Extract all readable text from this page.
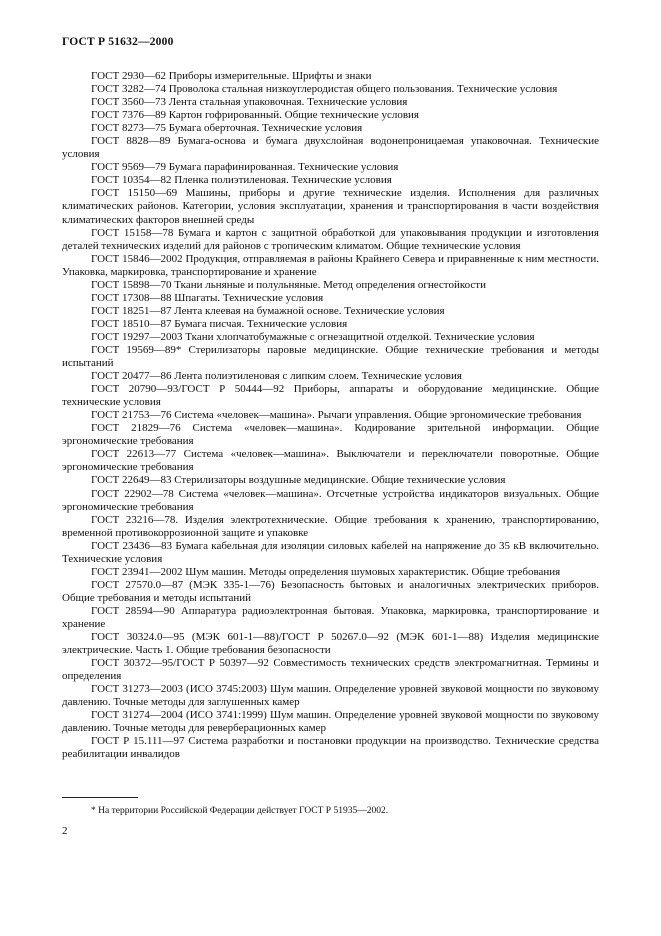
ГОСТ Р 51632—2000

ГОСТ 2930—62 Приборы измерительные. Шрифты и знаки

ГОСТ 3282—74 Проволока стальная низкоуглеродистая общего пользования. Технические условия

ГОСТ 3560—73 Лента стальная упаковочная. Технические условия

ГОСТ 7376—89 Картон гофрированный. Общие технические условия

ГОСТ 8273—75 Бумага оберточная. Технические условия

ГОСТ 8828—89 Бумага-основа и бумага двухслойная водонепроницаемая упаковочная. Технические условия

ГОСТ 9569—79 Бумага парафинированная. Технические условия

ГОСТ 10354—82 Пленка полиэтиленовая. Технические условия

ГОСТ 15150—69 Машины, приборы и другие технические изделия. Исполнения для различных климатических районов. Категории, условия эксплуатации, хранения и транспортирования в части воздействия климатических факторов внешней среды

ГОСТ 15158—78 Бумага и картон с защитной обработкой для упаковывания продукции и изготовления деталей технических изделий для районов с тропическим климатом. Общие технические условия

ГОСТ 15846—2002 Продукция, отправляемая в районы Крайнего Севера и приравненные к ним местности. Упаковка, маркировка, транспортирование и хранение

ГОСТ 15898—70 Ткани льняные и полульняные. Метод определения огнестойкости

ГОСТ 17308—88 Шпагаты. Технические условия

ГОСТ 18251—87 Лента клеевая на бумажной основе. Технические условия

ГОСТ 18510—87 Бумага писчая. Технические условия

ГОСТ 19297—2003 Ткани хлопчатобумажные с огнезащитной отделкой. Технические условия

ГОСТ 19569—89* Стерилизаторы паровые медицинские. Общие технические требования и методы испытаний

ГОСТ 20477—86 Лента полиэтиленовая с липким слоем. Технические условия

ГОСТ 20790—93/ГОСТ Р 50444—92 Приборы, аппараты и оборудование медицинские. Общие технические условия

ГОСТ 21753—76 Система «человек—машина». Рычаги управления. Общие эргономические требования

ГОСТ 21829—76 Система «человек—машина». Кодирование зрительной информации. Общие эргономические требования

ГОСТ 22613—77 Система «человек—машина». Выключатели и переключатели поворотные. Общие эргономические требования

ГОСТ 22649—83 Стерилизаторы воздушные медицинские. Общие технические условия

ГОСТ 22902—78 Система «человек—машина». Отсчетные устройства индикаторов визуальных. Общие эргономические требования

ГОСТ 23216—78. Изделия электротехнические. Общие требования к хранению, транспортированию, временной противокоррозионной защите и упаковке

ГОСТ 23436—83 Бумага кабельная для изоляции силовых кабелей на напряжение до 35 кВ включительно. Технические условия

ГОСТ 23941—2002 Шум машин. Методы определения шумовых характеристик. Общие требования

ГОСТ 27570.0—87 (МЭК 335-1—76) Безопасность бытовых и аналогичных электрических приборов. Общие требования и методы испытаний

ГОСТ 28594—90 Аппаратура радиоэлектронная бытовая. Упаковка, маркировка, транспортирование и хранение

ГОСТ 30324.0—95 (МЭК 601-1—88)/ГОСТ Р 50267.0—92 (МЭК 601-1—88) Изделия медицинские электрические. Часть 1. Общие требования безопасности

ГОСТ 30372—95/ГОСТ Р 50397—92 Совместимость технических средств электромагнитная. Термины и определения

ГОСТ 31273—2003 (ИСО 3745:2003) Шум машин. Определение уровней звуковой мощности по звуковому давлению. Точные методы для заглушенных камер

ГОСТ 31274—2004 (ИСО 3741:1999) Шум машин. Определение уровней звуковой мощности по звуковому давлению. Точные методы для реверберационных камер

ГОСТ Р 15.111—97 Система разработки и постановки продукции на производство. Технические средства реабилитации инвалидов

* На территории Российской Федерации действует ГОСТ Р 51935—2002.

2
